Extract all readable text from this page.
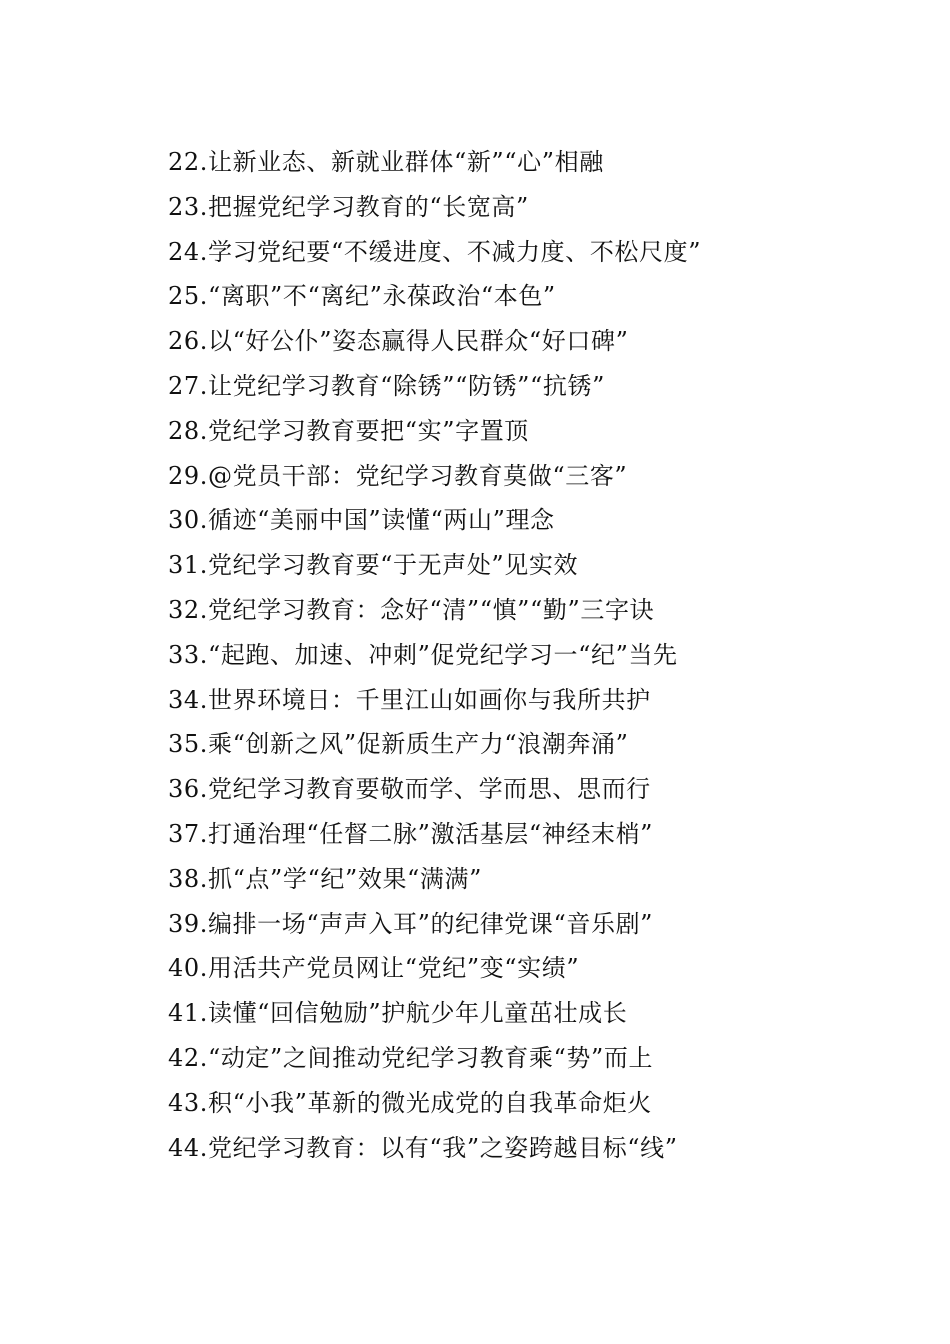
22.让新业态、新就业群体“新”“心”相融
23.把握党纪学习教育的“长宽高”
24.学习党纪要“不缓进度、不减力度、不松尺度”
25.“离职”不“离纪”永葆政治“本色”
26.以“好公仆”姿态赢得人民群众“好口碑”
27.让党纪学习教育“除锈”“防锈”“抗锈”
28.党纪学习教育要把“实”字置顶
29.@党员干部：党纪学习教育莫做“三客”
30.循迹“美丽中国”读懂“两山”理念
31.党纪学习教育要“于无声处”见实效
32.党纪学习教育：念好“清”“慎”“勤”三字诀
33.“起跑、加速、冲刺”促党纪学习一“纪”当先
34.世界环境日：千里江山如画你与我所共护
35.乘“创新之风”促新质生产力“浪潮奔涌”
36.党纪学习教育要敬而学、学而思、思而行
37.打通治理“任督二脉”激活基层“神经末梢”
38.抓“点”学“纪”效果“满满”
39.编排一场“声声入耳”的纪律党课“音乐剧”
40.用活共产党员网让“党纪”变“实绩”
41.读懂“回信勉励”护航少年儿童茁壮成长
42.“动定”之间推动党纪学习教育乘“势”而上
43.积“小我”革新的微光成党的自我革命炬火
44.党纪学习教育：以有“我”之姿跨越目标“线”
